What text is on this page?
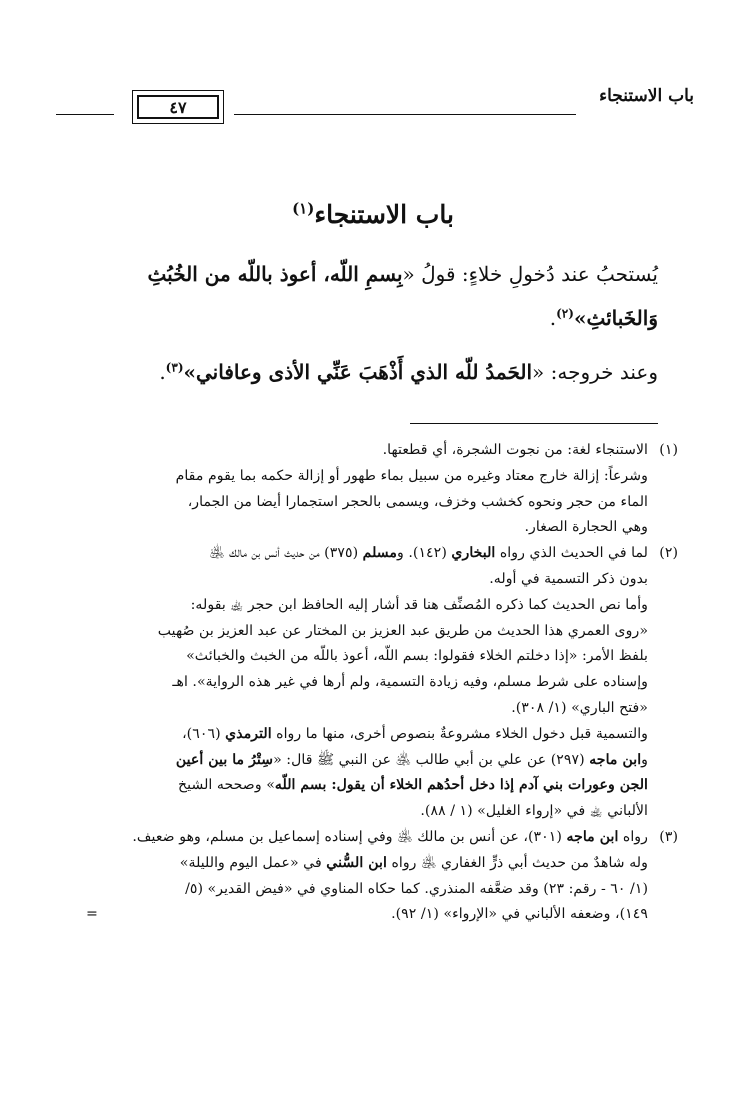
باب الاستنجاء
٤٧
باب الاستنجاء$^{(١)}$

يُستحبُ عند دُخولِ خلاءٍ: قولُ «بِسمِ اللّه، أعوذ باللّه من الخُبُثِ

وَالخَبائثِ»$^{(٢)}$.

وعند خروجه: «الحَمدُ للّه الذي أَذْهَبَ عَنِّي الأذى وعافاني»$^{(٣)}$.

(١)الاستنجاء لغة: من نجوت الشجرة، أي قطعتها.
وشرعاً: إزالة خارج معتاد وغيره من سبيل بماء طهور أو إزالة حكمه بما يقوم مقام
الماء من حجر ونحوه كخشب وخزف، ويسمى بالحجر استجمارا أيضا من الجمار،
وهي الحجارة الصغار.
(٢)لما في الحديث الذي رواه البخاري (١٤٢). ومسلم (٣٧٥) من حديث أنس بن مالك ﵁
بدون ذكر التسمية في أوله.
وأما نص الحديث كما ذكره المُصنِّف هنا قد أشار إليه الحافظ ابن حجر ﵀ بقوله:
«روى العمري هذا الحديث من طريق عبد العزيز بن المختار عن عبد العزيز بن صُهيب
بلفظ الأمر: «إذا دخلتم الخلاء فقولوا: بسم اللّه، أعوذ باللّه من الخبث والخبائث»
وإسناده على شرط مسلم، وفيه زيادة التسمية، ولم أرها في غير هذه الرواية». اهـ
«فتح الباري» (١/ ٣٠٨).
والتسمية قبل دخول الخلاء مشروعةٌ بنصوص أخرى، منها ما رواه الترمذي (٦٠٦)،
وابن ماجه (٢٩٧) عن علي بن أبي طالب ﵁ عن النبي ﷺ قال: «سِتْرُ ما بين أعين
الجن وعورات بني آدم إذا دخل أحدُهم الخلاء أن يقول: بسم اللّه» وصححه الشيخ
الألباني ﵀ في «إرواء الغليل» (١ / ٨٨).
(٣)رواه ابن ماجه (٣٠١)، عن أنس بن مالك ﵁ وفي إسناده إسماعيل بن مسلم، وهو ضعيف.
وله شاهدٌ من حديث أبي ذرٍّ الغفاري ﵁ رواه ابن السُّني في «عمل اليوم والليلة»
(١/ ٦٠ - رقم: ٢٣) وقد ضعَّفه المنذري. كما حكاه المناوي في «فيض القدير» (٥/
١٤٩)، وضعفه الألباني في «الإرواء» (١/ ٩٢).
=
